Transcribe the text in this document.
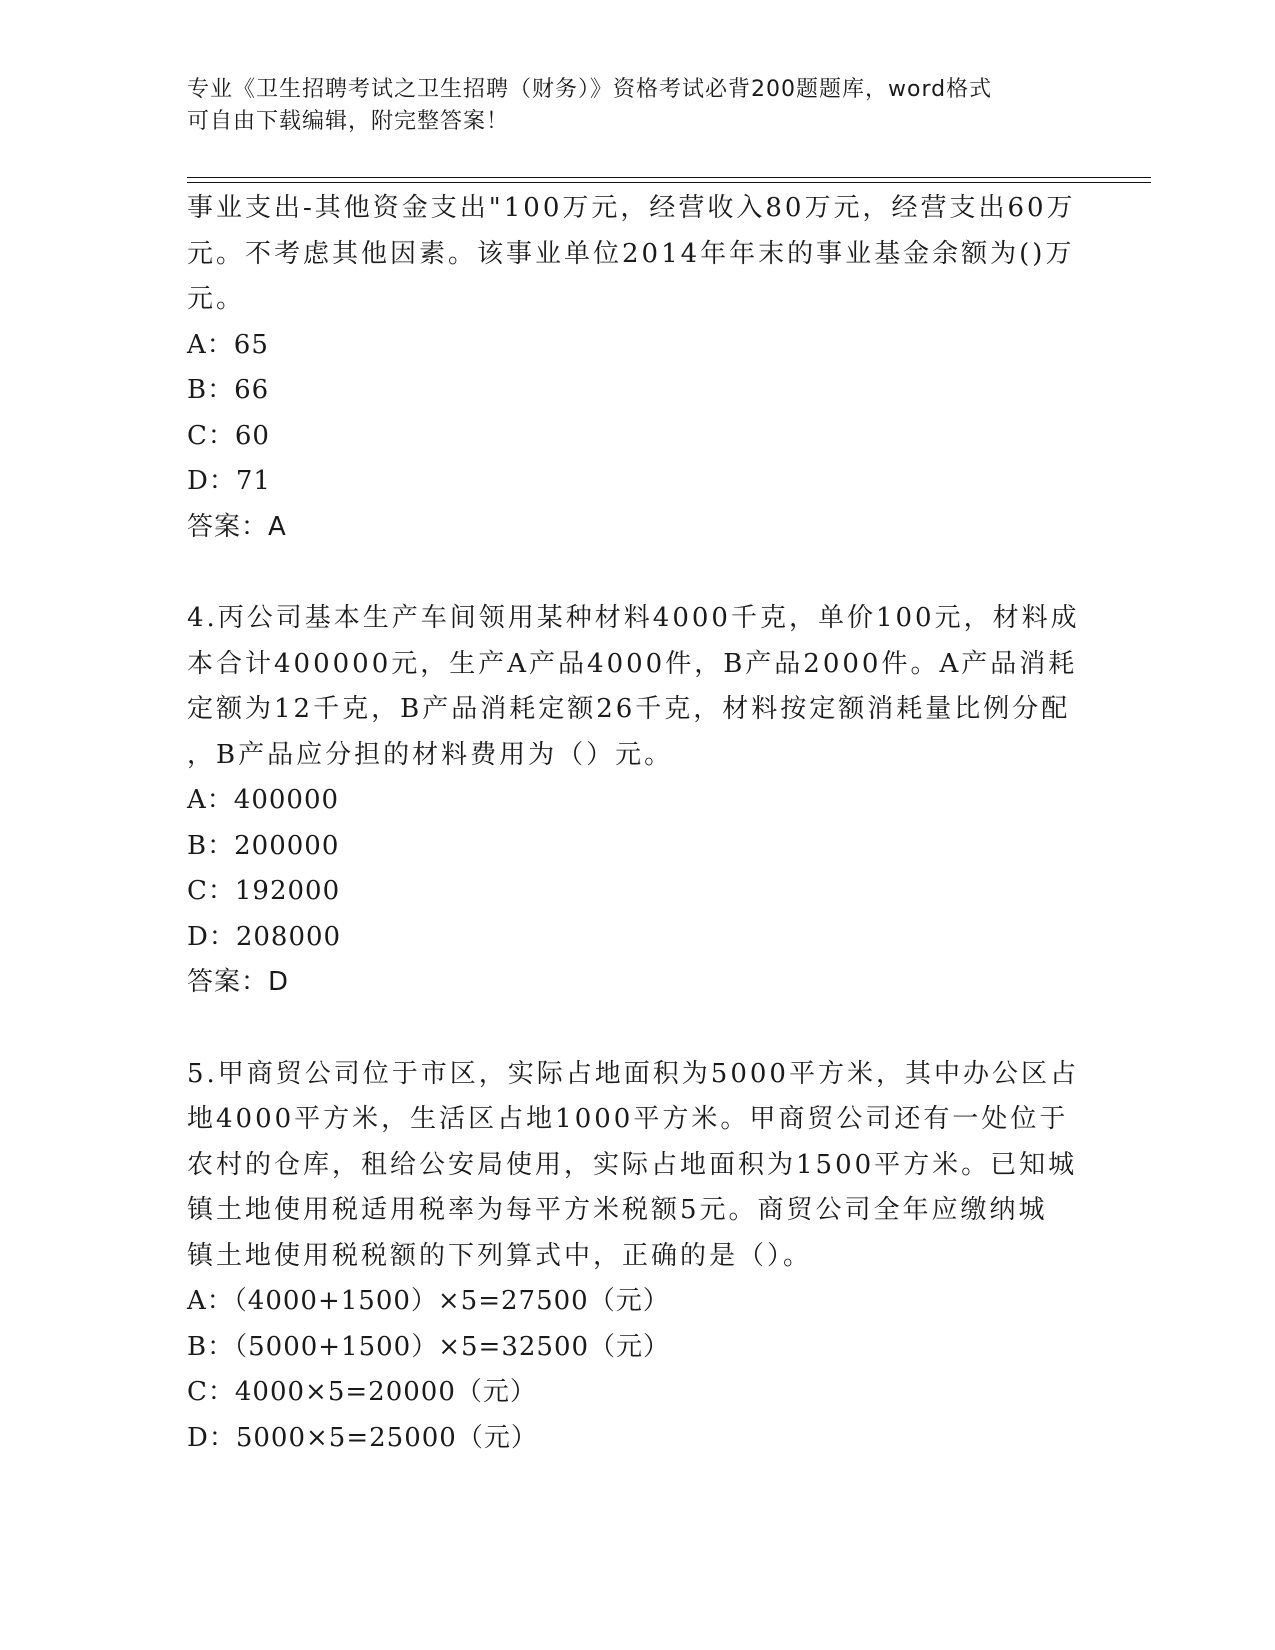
专业《卫生招聘考试之卫生招聘（财务）》资格考试必背200题题库，word格式
可自由下载编辑，附完整答案！

事业支出-其他资金支出"100万元，经营收入80万元，经营支出60万
元。不考虑其他因素。该事业单位2014年年末的事业基金余额为()万
元。

A：65

B：66

C：60

D：71

答案：A

4.丙公司基本生产车间领用某种材料4000千克，单价100元，材料成
本合计400000元，生产A产品4000件，B产品2000件。A产品消耗
定额为12千克，B产品消耗定额26千克，材料按定额消耗量比例分配
，B产品应分担的材料费用为（）元。

A：400000

B：200000

C：192000

D：208000

答案：D

5.甲商贸公司位于市区，实际占地面积为5000平方米，其中办公区占
地4000平方米，生活区占地1000平方米。甲商贸公司还有一处位于
农村的仓库，租给公安局使用，实际占地面积为1500平方米。已知城
镇土地使用税适用税率为每平方米税额5元。商贸公司全年应缴纳城
镇土地使用税税额的下列算式中，正确的是（）。

A：（4000+1500）×5=27500（元）

B：（5000+1500）×5=32500（元）

C：4000×5=20000（元）

D：5000×5=25000（元）
